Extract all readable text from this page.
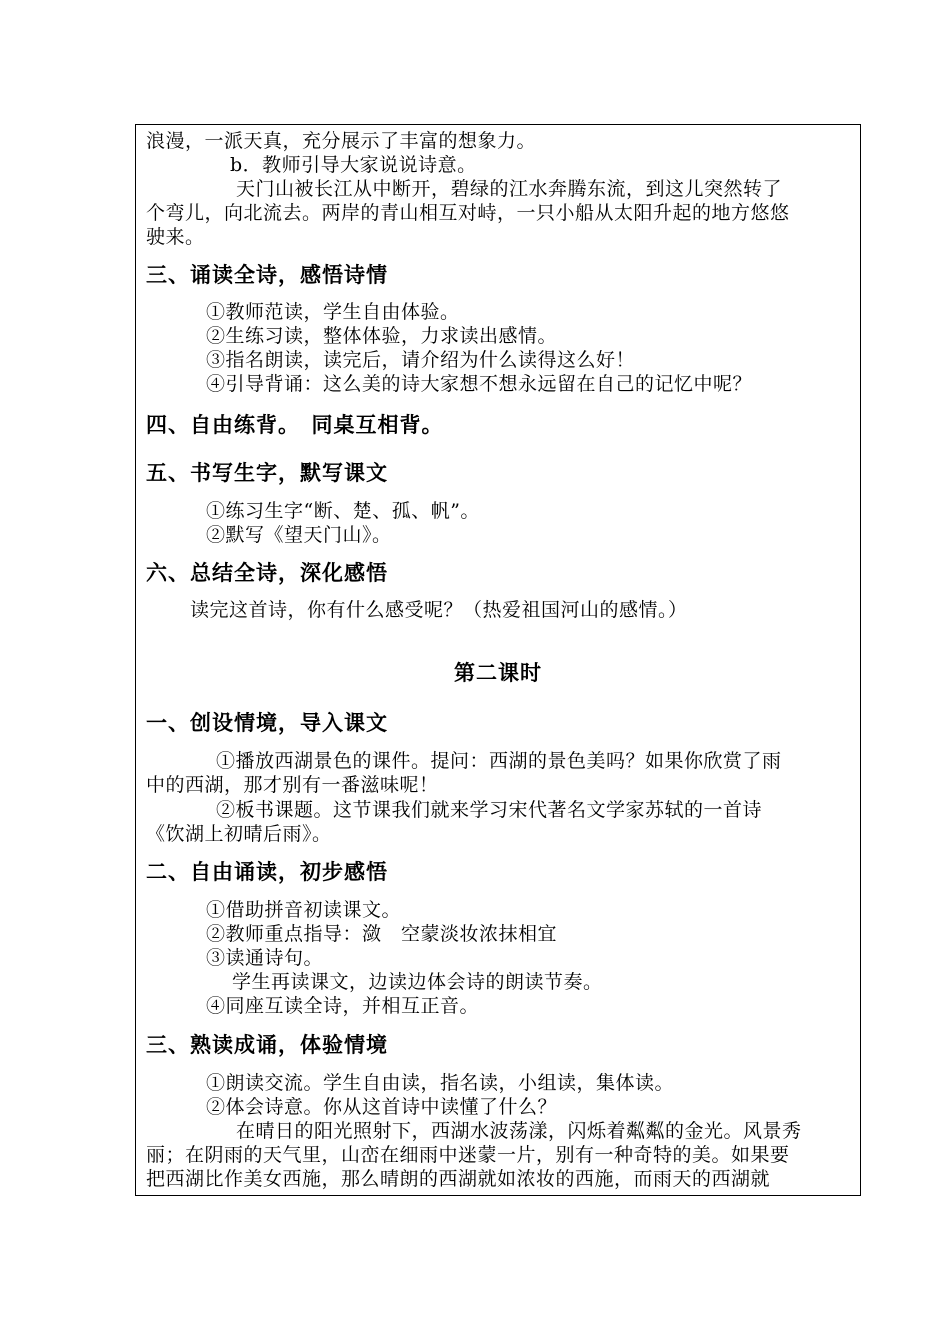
浪漫，一派天真，充分展示了丰富的想象力。
b．教师引导大家说说诗意。
天门山被长江从中断开，碧绿的江水奔腾东流，到这儿突然转了
个弯儿，向北流去。两岸的青山相互对峙，一只小船从太阳升起的地方悠悠
驶来。
三、诵读全诗，感悟诗情
①教师范读，学生自由体验。
②生练习读，整体体验，力求读出感情。
③指名朗读，读完后，请介绍为什么读得这么好！
④引导背诵：这么美的诗大家想不想永远留在自己的记忆中呢？
四、自由练背。　同桌互相背。
五、书写生字，默写课文
①练习生字“断、楚、孤、帆”。
②默写《望天门山》。
六、总结全诗，深化感悟
读完这首诗，你有什么感受呢？（热爱祖国河山的感情。）
第二课时
一、创设情境，导入课文
①播放西湖景色的课件。提问：西湖的景色美吗？如果你欣赏了雨
中的西湖，那才别有一番滋味呢！
②板书课题。这节课我们就来学习宋代著名文学家苏轼的一首诗
《饮湖上初晴后雨》。
二、自由诵读，初步感悟
①借助拼音初读课文。
②教师重点指导：潋　空蒙淡妆浓抹相宜
③读通诗句。
学生再读课文，边读边体会诗的朗读节奏。
④同座互读全诗，并相互正音。
三、熟读成诵，体验情境
①朗读交流。学生自由读，指名读，小组读，集体读。
②体会诗意。你从这首诗中读懂了什么？
在晴日的阳光照射下，西湖水波荡漾，闪烁着粼粼的金光。风景秀
丽；在阴雨的天气里，山峦在细雨中迷蒙一片，别有一种奇特的美。如果要
把西湖比作美女西施，那么晴朗的西湖就如浓妆的西施，而雨天的西湖就
